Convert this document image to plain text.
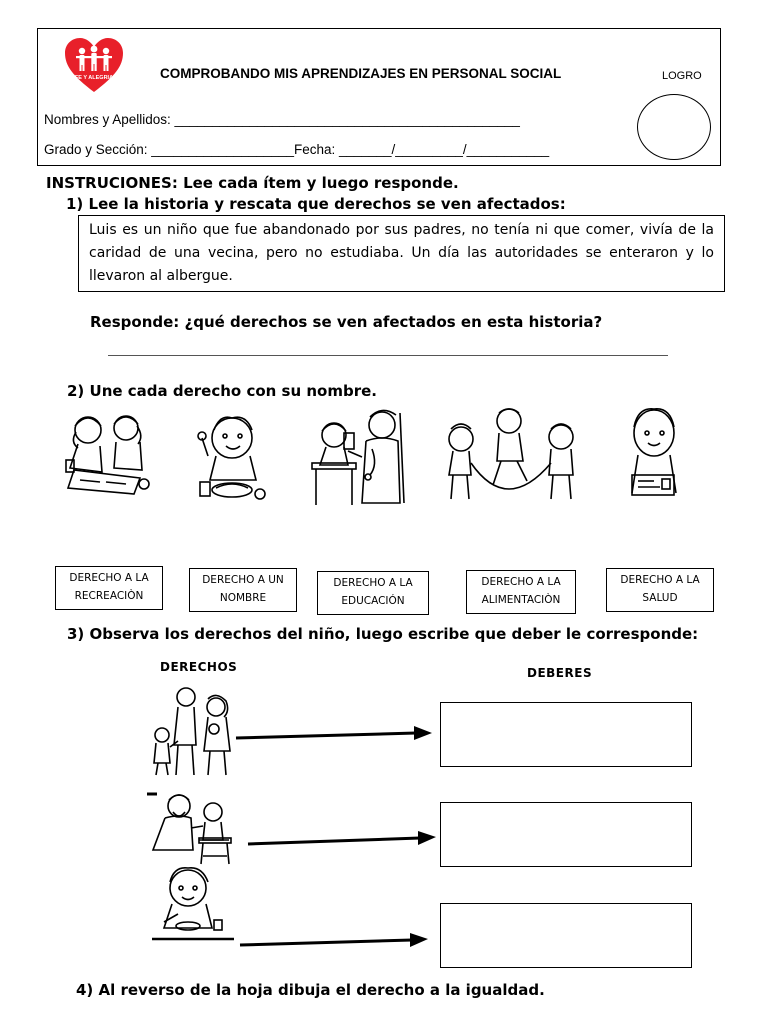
FE Y ALEGRIA	COMPROBANDO MIS APRENDIZAJES EN PERSONAL SOCIAL	LOGRO
Nombres y Apellidos: ______________________________________________
Grado y Sección: ___________________Fecha: _______/_________/___________
INSTRUCIONES: Lee cada ítem y luego responde.
1) Lee la historia y rescata que derechos se ven afectados:
Luis es un niño que fue abandonado por sus padres, no tenía ni que comer, vivía de la caridad de una vecina, pero no estudiaba. Un día las autoridades se enteraron y lo llevaron al albergue.
Responde: ¿qué derechos se ven afectados en esta historia?
2) Une cada derecho con su nombre.
DERECHO A LA
RECREACIÒN
DERECHO A UN
NOMBRE
DERECHO A LA
EDUCACIÓN
DERECHO A LA
ALIMENTACIÒN
DERECHO A LA
SALUD
3) Observa los derechos del niño, luego escribe que deber le corresponde:
DERECHOS	DEBERES
4) Al reverso de la hoja dibuja el derecho a la igualdad.
